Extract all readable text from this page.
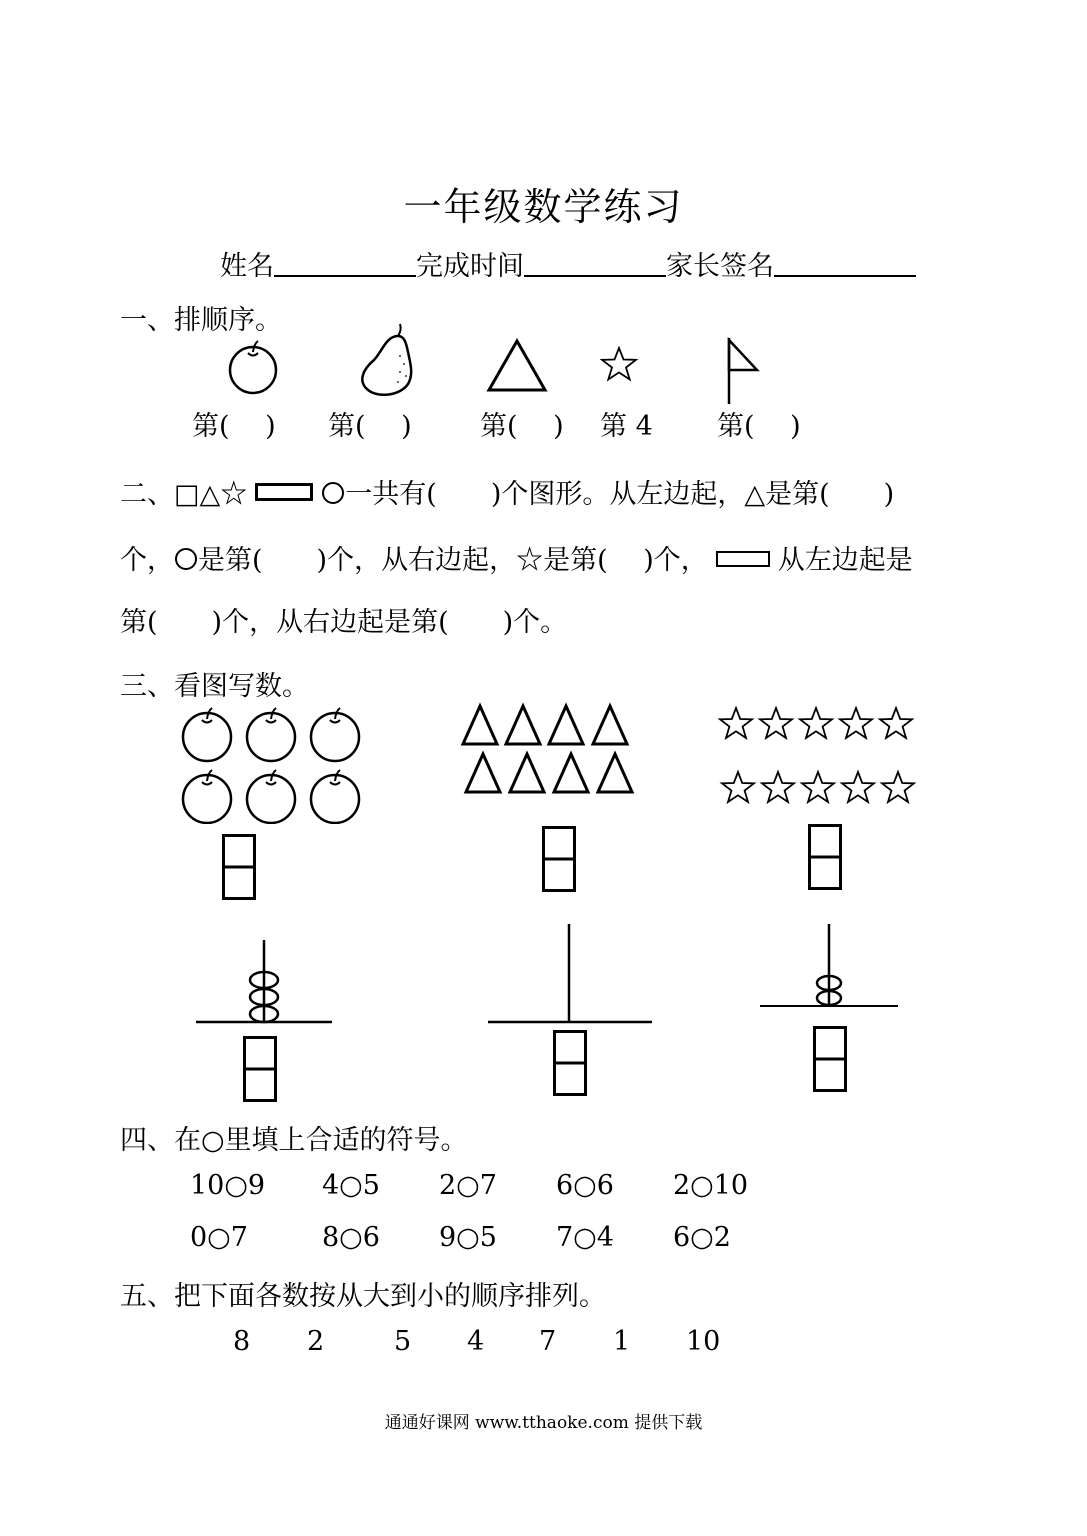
一年级数学练习
姓名	完成时间	家长签名
一、排顺序。
第(　 ) 第(　 )	第(　 ) 第 4 第(　 )
二、□△☆	一共有(　　)个图形。从左边起，△是第(　　)
个， 是第(　　)个，从右边起，☆是第(　 )个，	从左边起是
第(　　)个，从右边起是第(　　)个。
三、看图写数。
四、在○里填上合适的符号。
10○9 4○5 2○7 6○6 2○10
0○7	8○6 9○5 7○4 6○2
五、把下面各数按从大到小的顺序排列。
8 2	5 4 7 1 10
通通好课网 www.tthaoke.com 提供下载
